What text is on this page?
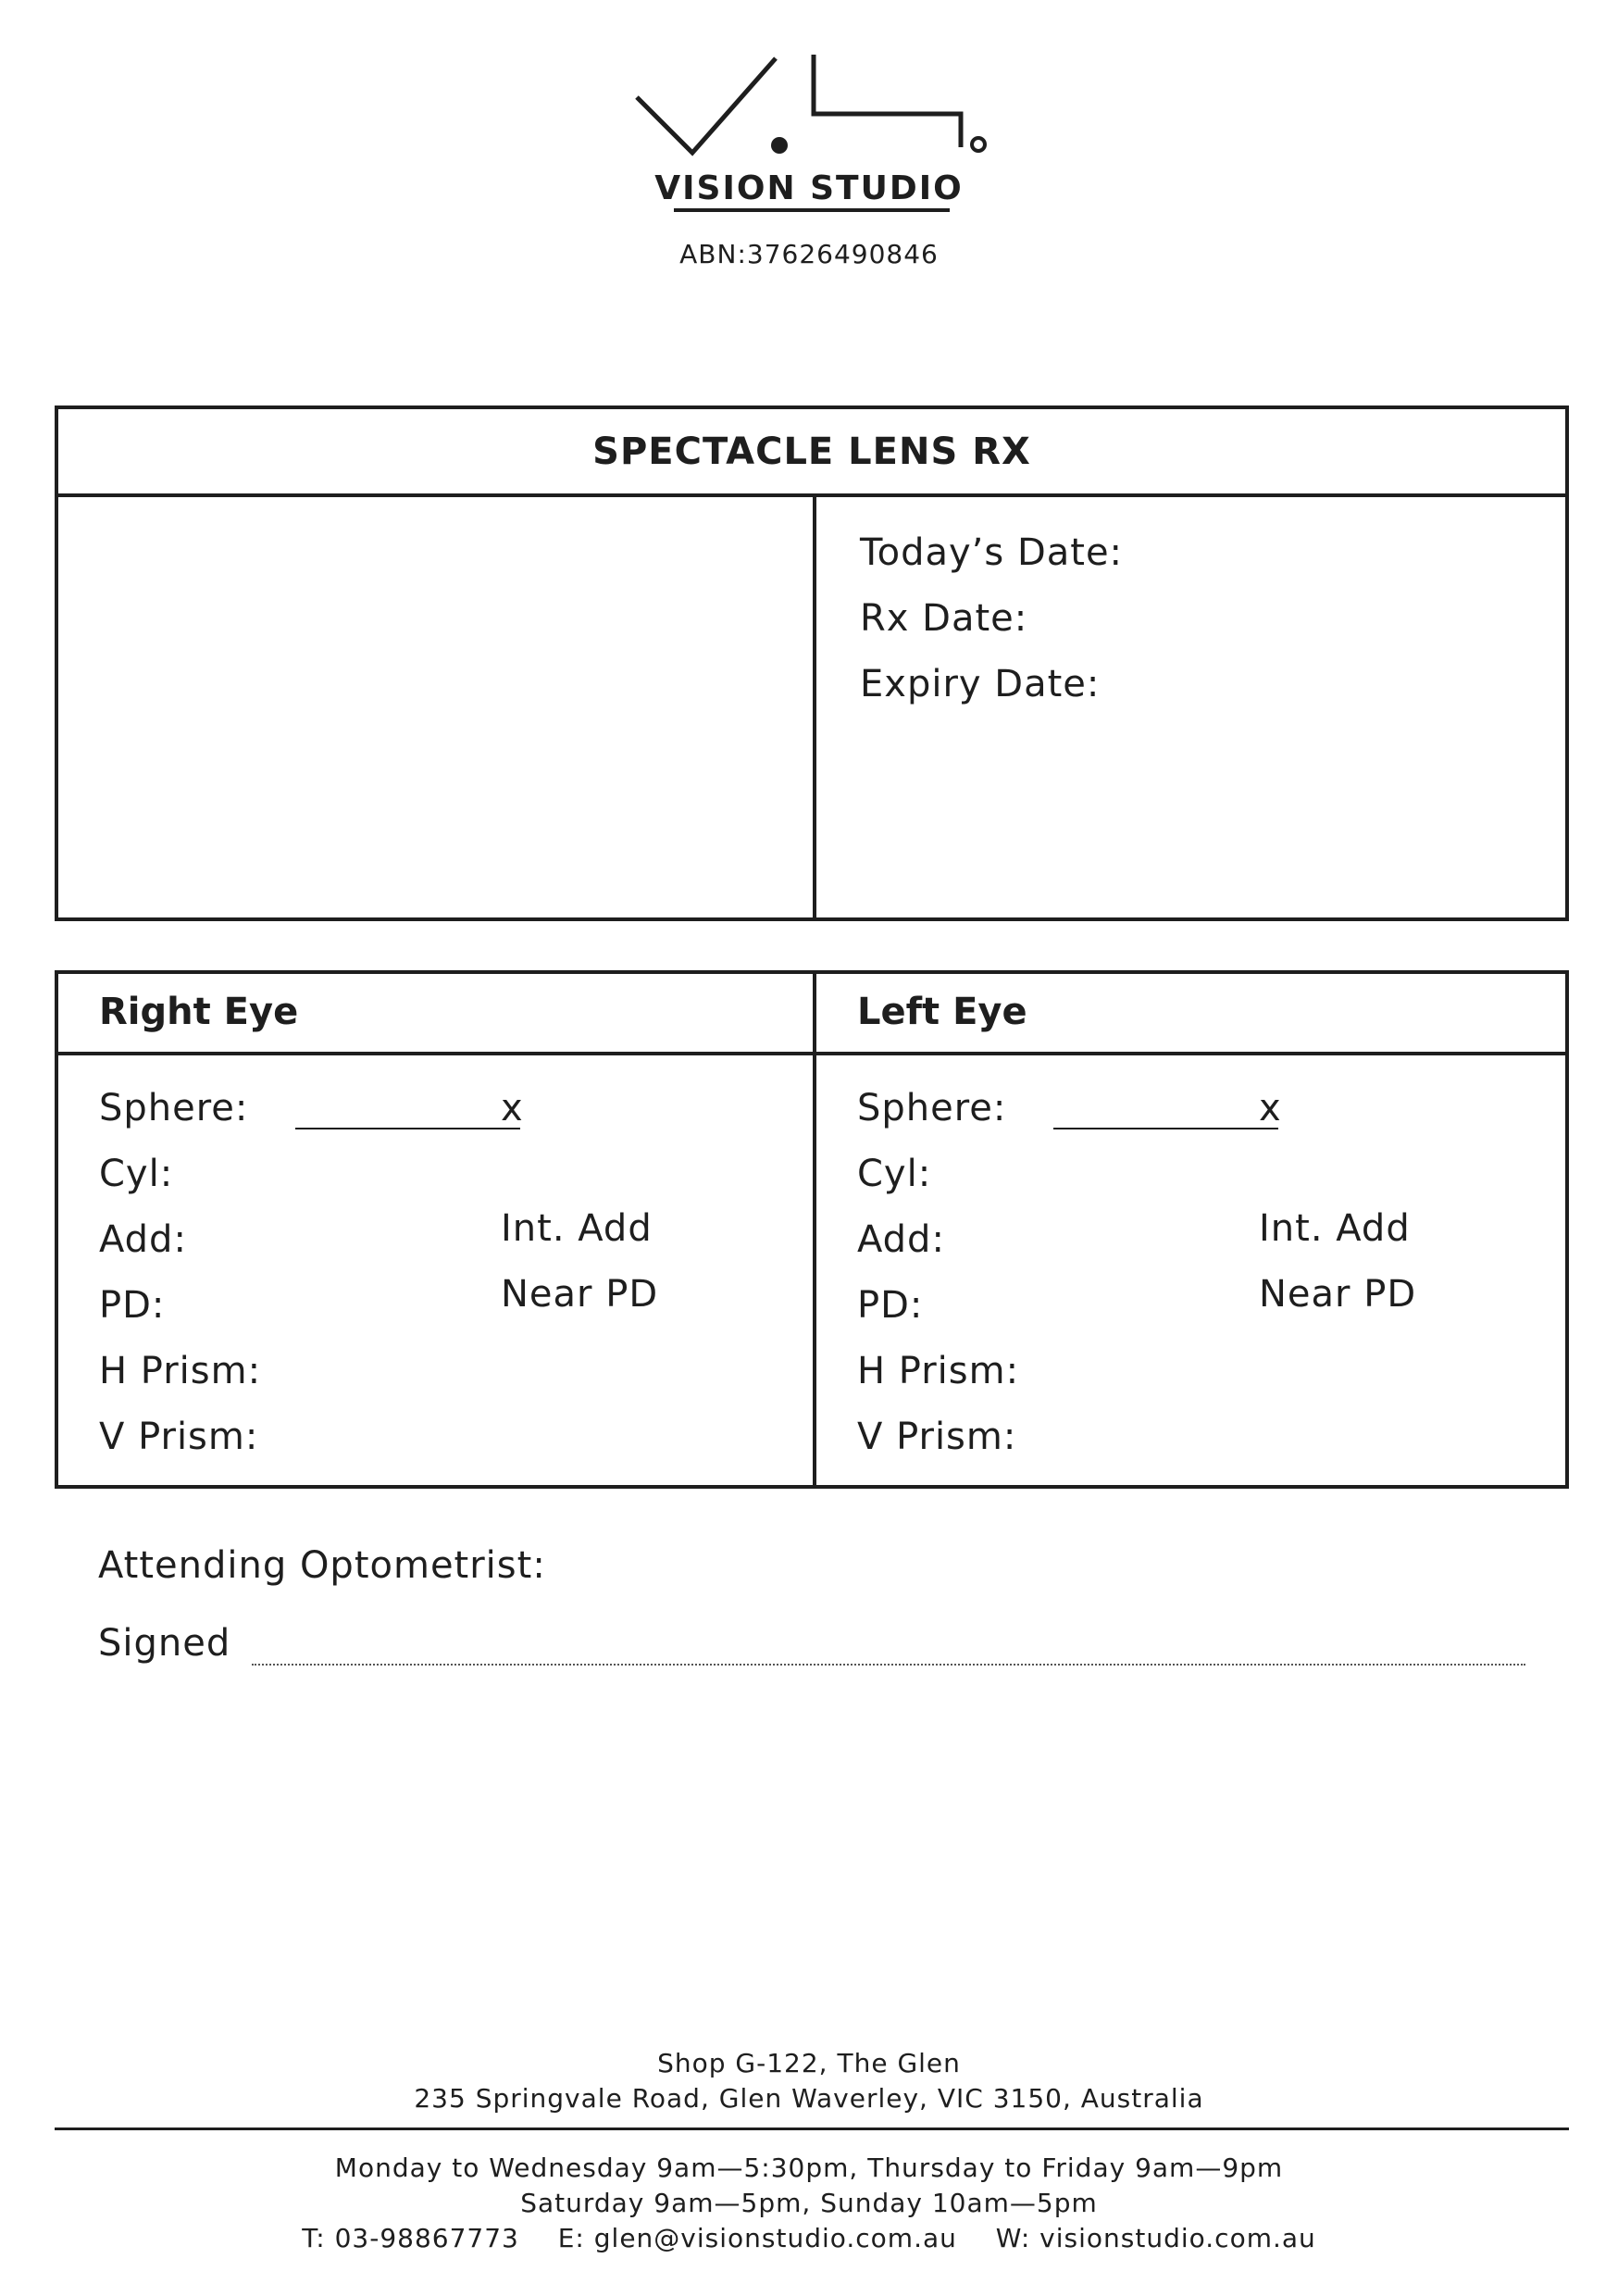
VISION STUDIO
ABN:37626490846
SPECTACLE LENS RX
Today’s Date:
Rx Date:
Expiry Date:
Right Eye
Sphere:
Cyl:
Add:
PD:
H Prism:
V Prism:
x
Int. Add
Near PD
Left Eye
Sphere:
Cyl:
Add:
PD:
H Prism:
V Prism:
x
Int. Add
Near PD
Attending Optometrist:
Signed
Shop G-122, The Glen
235 Springvale Road, Glen Waverley, VIC 3150, Australia
Monday to Wednesday 9am—5:30pm, Thursday to Friday 9am—9pm
Saturday 9am—5pm, Sunday 10am—5pm
T: 03-98867773 E: glen@visionstudio.com.au W: visionstudio.com.au
